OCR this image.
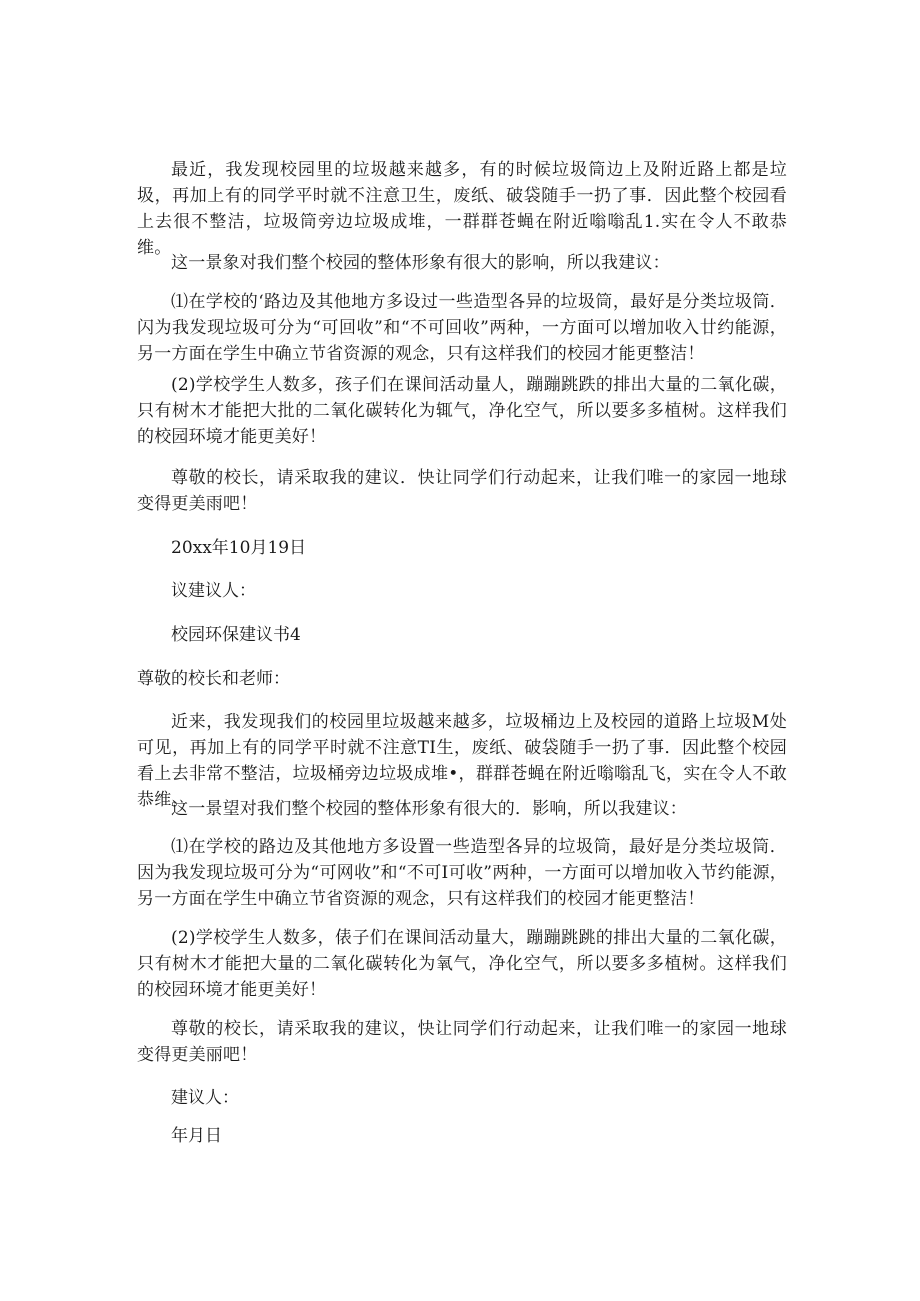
最近，我发现校园里的垃圾越来越多，有的时候垃圾筒边上及附近路上都是垃圾，再加上有的同学平时就不注意卫生，废纸、破袋随手一扔了事．因此整个校园看上去很不整洁，垃圾筒旁边垃圾成堆，一群群苍蝇在附近嗡嗡乱1.实在令人不敢恭维。

这一景象对我们整个校园的整体形象有很大的影响，所以我建议：

⑴在学校的‘路边及其他地方多设过一些造型各异的垃圾筒，最好是分类垃圾筒．闪为我发现垃圾可分为“可回收”和“不可回收”两种，一方面可以增加收入廿约能源，另一方面在学生中确立节省资源的观念，只有这样我们的校园才能更整洁！

(2)学校学生人数多，孩子们在课间活动量人，蹦蹦跳跌的排出大量的二氧化碳，只有树木才能把大批的二氧化碳转化为辄气，净化空气，所以要多多植树。这样我们的校园环境才能更美好！

尊敬的校长，请采取我的建议．快让同学们行动起来，让我们唯一的家园一地球变得更美雨吧！

20xx年10月19日

议建议人：

校园环保建议书4

尊敬的校长和老师：

近来，我发现我们的校园里垃圾越来越多，垃圾桶边上及校园的道路上垃圾M处可见，再加上有的同学平时就不注意TI生，废纸、破袋随手一扔了事．因此整个校园看上去非常不整洁，垃圾桶旁边垃圾成堆•，群群苍蝇在附近嗡嗡乱飞，实在令人不敢恭维。

这一景望对我们整个校园的整体形象有很大的．影响，所以我建议：

⑴在学校的路边及其他地方多设置一些造型各异的垃圾筒，最好是分类垃圾筒．因为我发现垃圾可分为“可网收”和“不可I可收”两种，一方面可以增加收入节约能源，另一方面在学生中确立节省资源的观念，只有这样我们的校园才能更整洁！

(2)学校学生人数多，俵子们在课间活动量大，蹦蹦跳跳的排出大量的二氧化碳，只有树木才能把大量的二氧化碳转化为氧气，净化空气，所以要多多植树。这样我们的校园环境才能更美好！

尊敬的校长，请采取我的建议，快让同学们行动起来，让我们唯一的家园一地球变得更美丽吧！

建议人：

年月日
